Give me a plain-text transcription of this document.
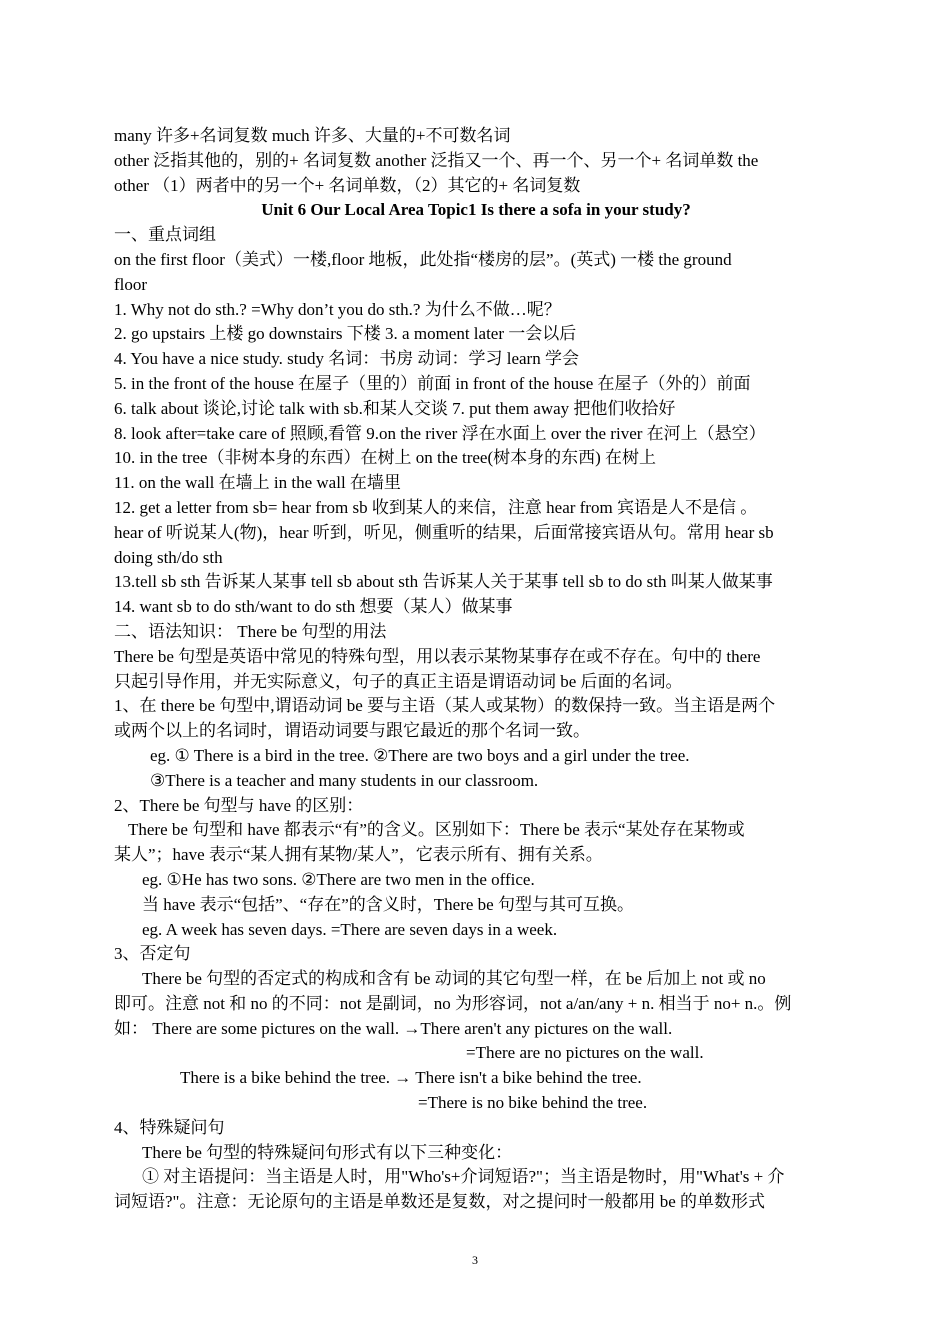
many 许多+名词复数 much 许多、大量的+不可数名词
other 泛指其他的，别的+ 名词复数 another 泛指又一个、再一个、另一个+ 名词单数 the
other （1）两者中的另一个+ 名词单数，（2）其它的+ 名词复数
Unit 6 Our Local Area Topic1 Is there a sofa in your study?
一、重点词组
on the first floor（美式）一楼,floor 地板，此处指“楼房的层”。(英式) 一楼 the ground
floor
1. Why not do sth.? =Why don’t you do sth.? 为什么不做…呢？
2. go upstairs 上楼 go downstairs 下楼 3. a moment later 一会以后
4. You have a nice study. study 名词：书房 动词：学习 learn 学会
5. in the front of the house 在屋子（里的）前面 in front of the house 在屋子（外的）前面
6. talk about 谈论,讨论 talk with sb.和某人交谈 7. put them away 把他们收拾好
8. look after=take care of 照顾,看管 9.on the river 浮在水面上 over the river 在河上（悬空）
10. in the tree（非树本身的东西）在树上 on the tree(树本身的东西) 在树上
11. on the wall 在墙上 in the wall 在墙里
12. get a letter from sb= hear from sb 收到某人的来信，注意 hear from 宾语是人不是信 。
hear of 听说某人(物)，hear 听到，听见，侧重听的结果，后面常接宾语从句。常用 hear sb
doing sth/do sth
13.tell sb sth 告诉某人某事 tell sb about sth 告诉某人关于某事 tell sb to do sth 叫某人做某事
14. want sb to do sth/want to do sth 想要（某人）做某事
二、语法知识： There be 句型的用法
There be 句型是英语中常见的特殊句型，用以表示某物某事存在或不存在。句中的 there
只起引导作用，并无实际意义，句子的真正主语是谓语动词 be 后面的名词。
1、在 there be 句型中,谓语动词 be 要与主语（某人或某物）的数保持一致。当主语是两个
或两个以上的名词时，谓语动词要与跟它最近的那个名词一致。
eg. ① There is a bird in the tree. ②There are two boys and a girl under the tree.
③There is a teacher and many students in our classroom.
2、There be 句型与 have 的区别：
There be 句型和 have 都表示“有”的含义。区别如下：There be 表示“某处存在某物或
某人”；have 表示“某人拥有某物/某人”，它表示所有、拥有关系。
eg. ①He has two sons. ②There are two men in the office.
当 have 表示“包括”、“存在”的含义时，There be 句型与其可互换。
eg. A week has seven days. =There are seven days in a week.
3、否定句
There be 句型的否定式的构成和含有 be 动词的其它句型一样，在 be 后加上 not 或 no
即可。注意 not 和 no 的不同：not 是副词，no 为形容词，not a/an/any + n. 相当于 no+ n.。例
如： There are some pictures on the wall. →There aren't any pictures on the wall.
=There are no pictures on the wall.
There is a bike behind the tree. → There isn't a bike behind the tree.
=There is no bike behind the tree.
4、特殊疑问句
There be 句型的特殊疑问句形式有以下三种变化：
① 对主语提问：当主语是人时，用"Who's+介词短语?"；当主语是物时，用"What's + 介
词短语?"。注意：无论原句的主语是单数还是复数，对之提问时一般都用 be 的单数形式
3
